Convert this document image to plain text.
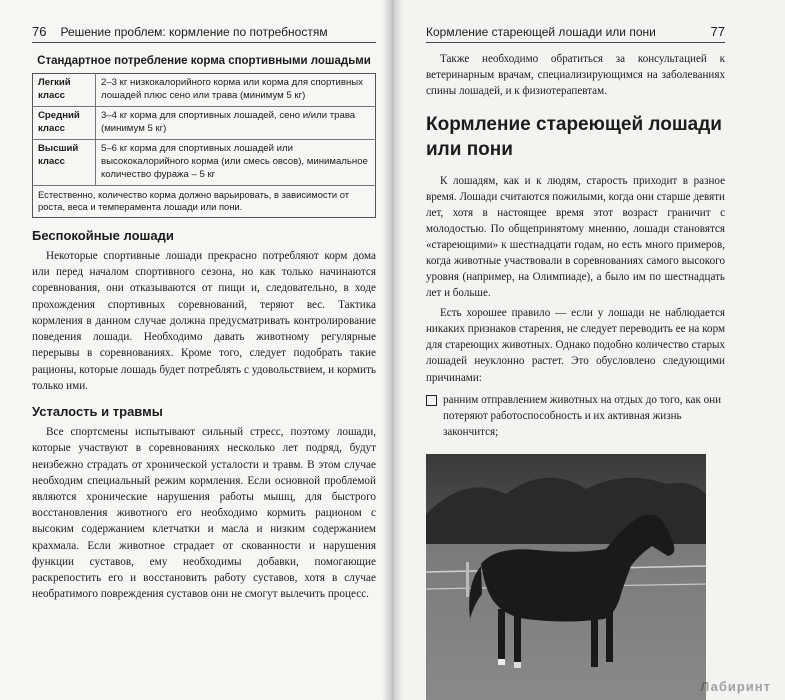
76 Решение проблем: кормление по потребностям
Стандартное потребление корма спортивными лошадьми
Легкий класс	2–3 кг низкокалорийного корма или корма для спортивных лошадей плюс сено или трава (минимум 5 кг)
Средний класс	3–4 кг корма для спортивных лошадей, сено и/или трава (минимум 5 кг)
Высший класс	5–6 кг корма для спортивных лошадей или высококалорийного корма (или смесь овсов), минимальное количество фуража – 5 кг
Естественно, количество корма должно варьировать, в зависимости от роста, веса и темперамента лошади или пони.	
Беспокойные лошади

Некоторые спортивные лошади прекрасно потребляют корм дома или перед началом спортивного сезона, но как только начинаются соревнования, они отказываются от пищи и, следовательно, в ходе прохождения спортивных соревнований, теряют вес. Тактика кормления в данном случае должна предусматривать контролирование поведения лошади. Необходимо давать животному регулярные перерывы в соревнованиях. Кроме того, следует подобрать такие рационы, которые лошадь будет потреблять с удовольствием, и кормить только ими.

Усталость и травмы

Все спортсмены испытывают сильный стресс, поэтому лошади, которые участвуют в соревнованиях несколько лет подряд, будут неизбежно страдать от хронической усталости и травм. В этом случае необходим специальный режим кормления. Если основной проблемой являются хронические нарушения работы мышц, для быстрого восстановления животного его необходимо кормить рационом с высоким содержанием клетчатки и масла и низким содержанием крахмала. Если животное страдает от скованности и нарушения функции суставов, ему необходимы добавки, помогающие раскрепостить его и восстановить работу суставов, хотя в случае необратимого повреждения суставов они не смогут вылечить процесс.

Кормление стареющей лошади или пони	77

Также необходимо обратиться за консультацией к ветеринарным врачам, специализирующимся на заболеваниях спины лошадей, и к физиотерапевтам.

Кормление стареющей лошади или пони

К лошадям, как и к людям, старость приходит в разное время. Лошади считаются пожилыми, когда они старше девяти лет, хотя в настоящее время этот возраст граничит с молодостью. По общепринятому мнению, лошади становятся «стареющими» к шестнадцати годам, но есть много примеров, когда животные участвовали в соревнованиях самого высокого уровня (например, на Олимпиаде), а было им по шестнадцать лет и больше.

Есть хорошее правило — если у лошади не наблюдается никаких признаков старения, не следует переводить ее на корм для стареющих животных. Однако подобно количество старых лошадей неуклонно растет. Это обусловлено следующими причинами:

ранним отправлением животных на отдых до того, как они потеряют работоспособность и их активная жизнь закончится;
Лабиринт
